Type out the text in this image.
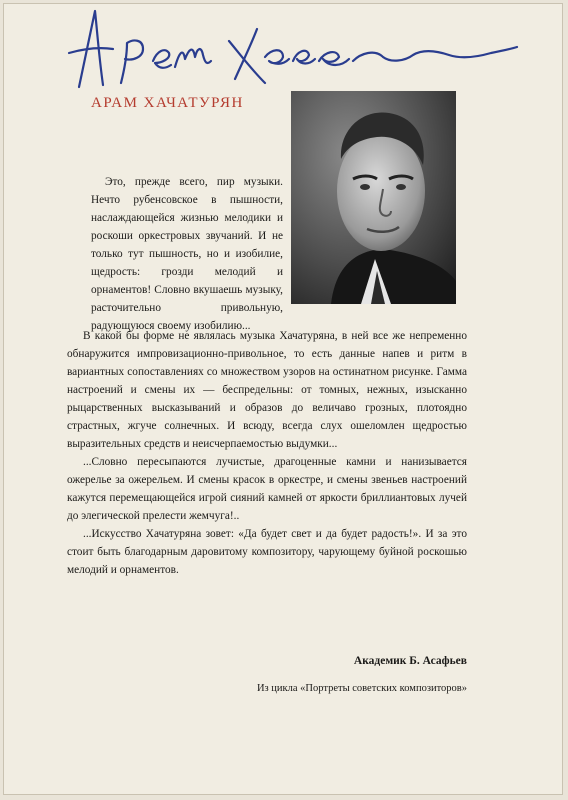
АРАМ ХАЧАТУРЯН

Это, прежде всего, пир музыки. Нечто рубенсовское в пышности, наслаждающейся жизнью мелодики и роскоши оркестровых звучаний. И не только тут пышность, но и изобилие, щедрость: грозди мелодий и орнаментов! Словно вкушаешь музыку, расточительно привольную, радующуюся своему изобилию...

В какой бы форме не являлась музыка Хачатуряна, в ней все же непременно обнаружится импровизационно-привольное, то есть данные напев и ритм в вариантных сопоставлениях со множеством узоров на остинатном рисунке. Гамма настроений и смены их — беспредельны: от томных, нежных, изысканно рыцарственных высказываний и образов до величаво грозных, плотоядно страстных, жгуче солнечных. И всюду, всегда слух ошеломлен щедростью выразительных средств и неисчерпаемостью выдумки...

...Словно пересыпаются лучистые, драгоценные камни и нанизывается ожерелье за ожерельем. И смены красок в оркестре, и смены звеньев настроений кажутся перемещающейся игрой сияний камней от яркости бриллиантовых лучей до элегической прелести жемчуга!..

...Искусство Хачатуряна зовет: «Да будет свет и да будет радость!». И за это стоит быть благодарным даровитому композитору, чарующему буйной роскошью мелодий и орнаментов.

Академик Б. Асафьев
Из цикла «Портреты советских композиторов»
